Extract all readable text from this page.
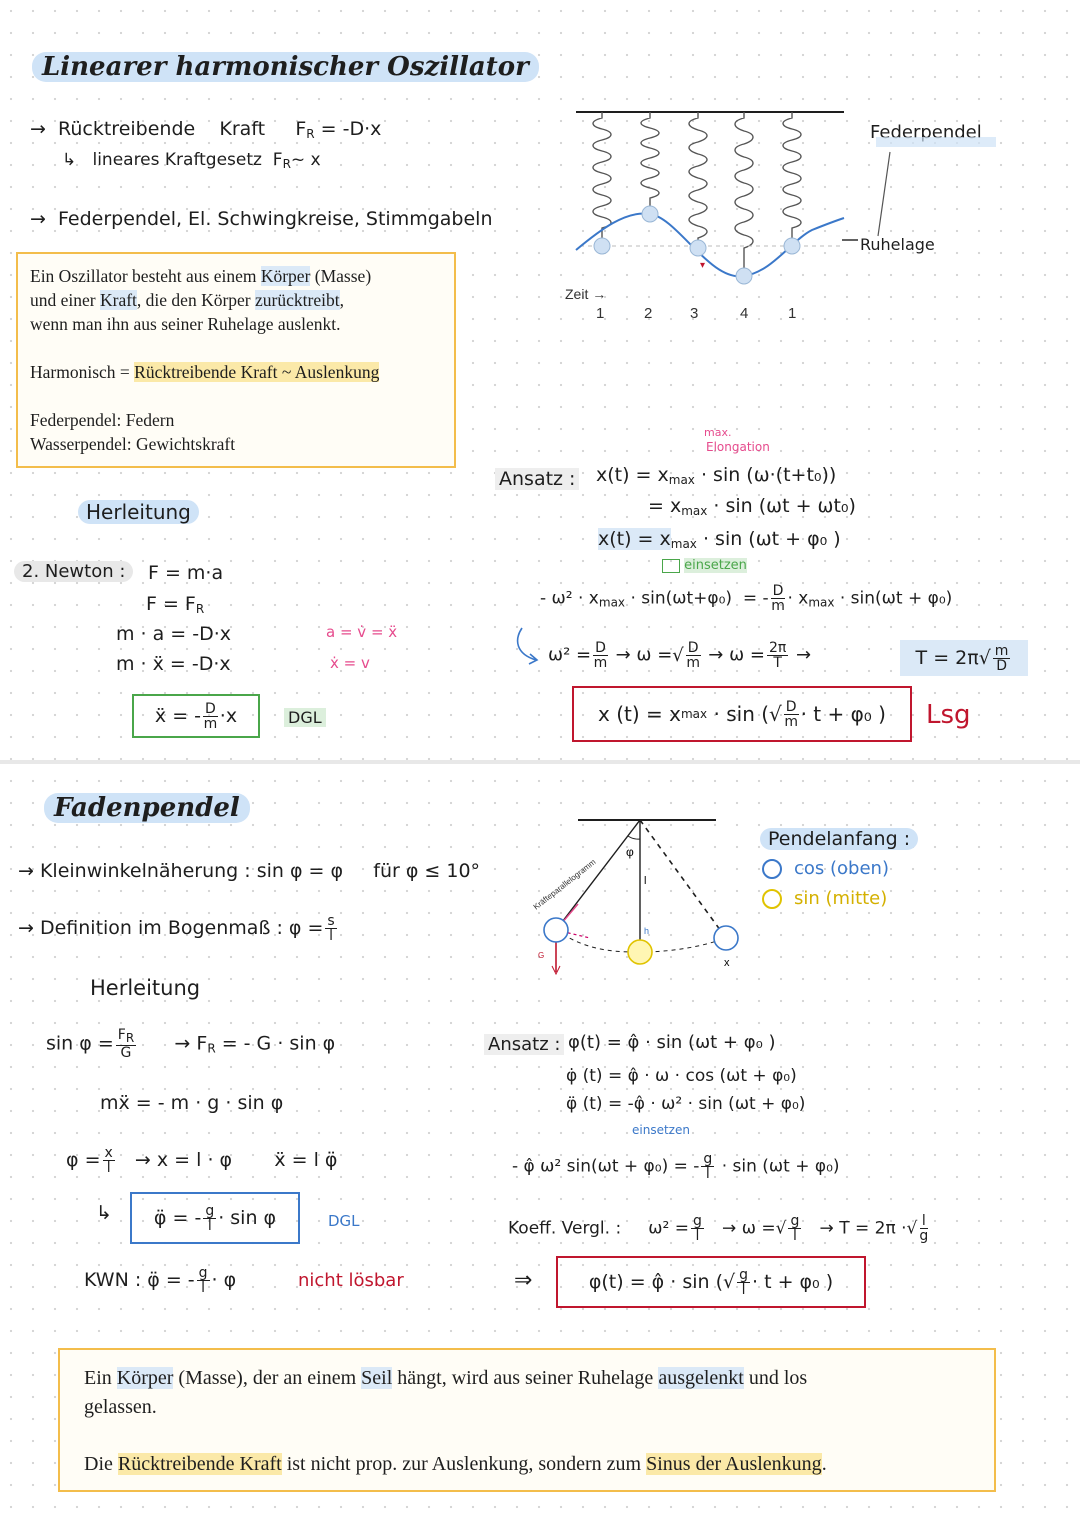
Linearer harmonischer Oszillator
→ Rücktreibende Kraft $F_R = -D\cdot x$
↳ lineares Kraftgesetz $F_R\sim$ x
→ Federpendel, El. Schwingkreise, Stimmgabeln

Ein Oszillator besteht aus einem Körper (Masse)

und einer Kraft, die den Körper zurücktreibt,

wenn man ihn aus seiner Ruhelage auslenkt.

Harmonisch = Rücktreibende Kraft ~ Auslenkung

Federpendel: Federn

Wasserpendel: Gewichtskraft

▾
Federpendel
Ruhelage
Zeit →
1	2	3	4	1
Herleitung
2. Newton :	F = m·a
$F = F_R$
m · a = -D·x
m · ẍ = -D·x
a = v̇ = ẍ
ẋ = v
ẍ = - $\frac{D}{m} \cdot x$	DGL
Ansatz :
max.
Elongation
$x(t) = x_{max} \cdot \sin (\omega\cdot(t+t_0))$
= $x_{max} \cdot \sin (\omega t + \omega t_0)$
$x(t) = x_{max} \cdot \sin (\omega t + \varphi_0$ )
einsetzen
- $\omega^2 \cdot x_{max} \cdot \sin(\omega t+\varphi_0)$ = - $\frac{D}{m} \cdot x_{max} \cdot \sin(\omega t + \varphi_0)$
$\omega^2 = \frac{D}{m} \to \omega$ =√ $\frac{D}{m} \to \omega = \frac{2\pi}{T}$ →	T = 2π √ $\frac{m}{D}$
x (t) = x max
· sin ( √ $\frac{D}{m} \cdot t + \varphi_0$ ) Lsg
Fadenpendel
→ Kleinwinkelnäherung : sin φ = φ für φ ≤ 10°
→ Definition im Bogenmaß : $\varphi = \frac{s}{l}$
φ
l
h
G
x
Kräfteparallelogramm
Pendelanfang :
cos (oben)
sin (mitte)
Herleitung
$\sin \varphi = \frac{FR}{G} \to F_R$ = - G · sin φ
mẍ = - m · g · sin φ
$\varphi = \frac{x}{l} \to x = l \cdot \varphi$ ẍ = l φ̈
↳ φ̈ = - $\frac{g}{l} \cdot \sin \varphi$	DGL
KWN : φ̈ = - $\frac{g}{l} \cdot \varphi$	nicht lösbar
Ansatz : φ(t) = φ̂ · sin (ωt + φ₀ )
φ̇ (t) = φ̂ · ω · cos (ωt + φ₀)
φ̈ (t) = -φ̂ · ω² · sin (ωt + φ₀)
einsetzen
- φ̂ ω² sin(ωt + φ₀) = - $\frac{g}{l} \cdot \sin (\omega t + \varphi_0)$
Koeff. Vergl. : $\omega^2 = \frac{g}{l} \to \omega$ =√ $\frac{g}{l} \to T = 2\pi$ ·√ $\frac{l}{g}$
⇒	φ(t) = φ̂ · sin ( √ $\frac{g}{l} \cdot t + \varphi_0$ )

Ein Körper (Masse), der an einem Seil hängt, wird aus seiner Ruhelage ausgelenkt und los

gelassen.

Die Rücktreibende Kraft ist nicht prop. zur Auslenkung, sondern zum Sinus der Auslenkung.
